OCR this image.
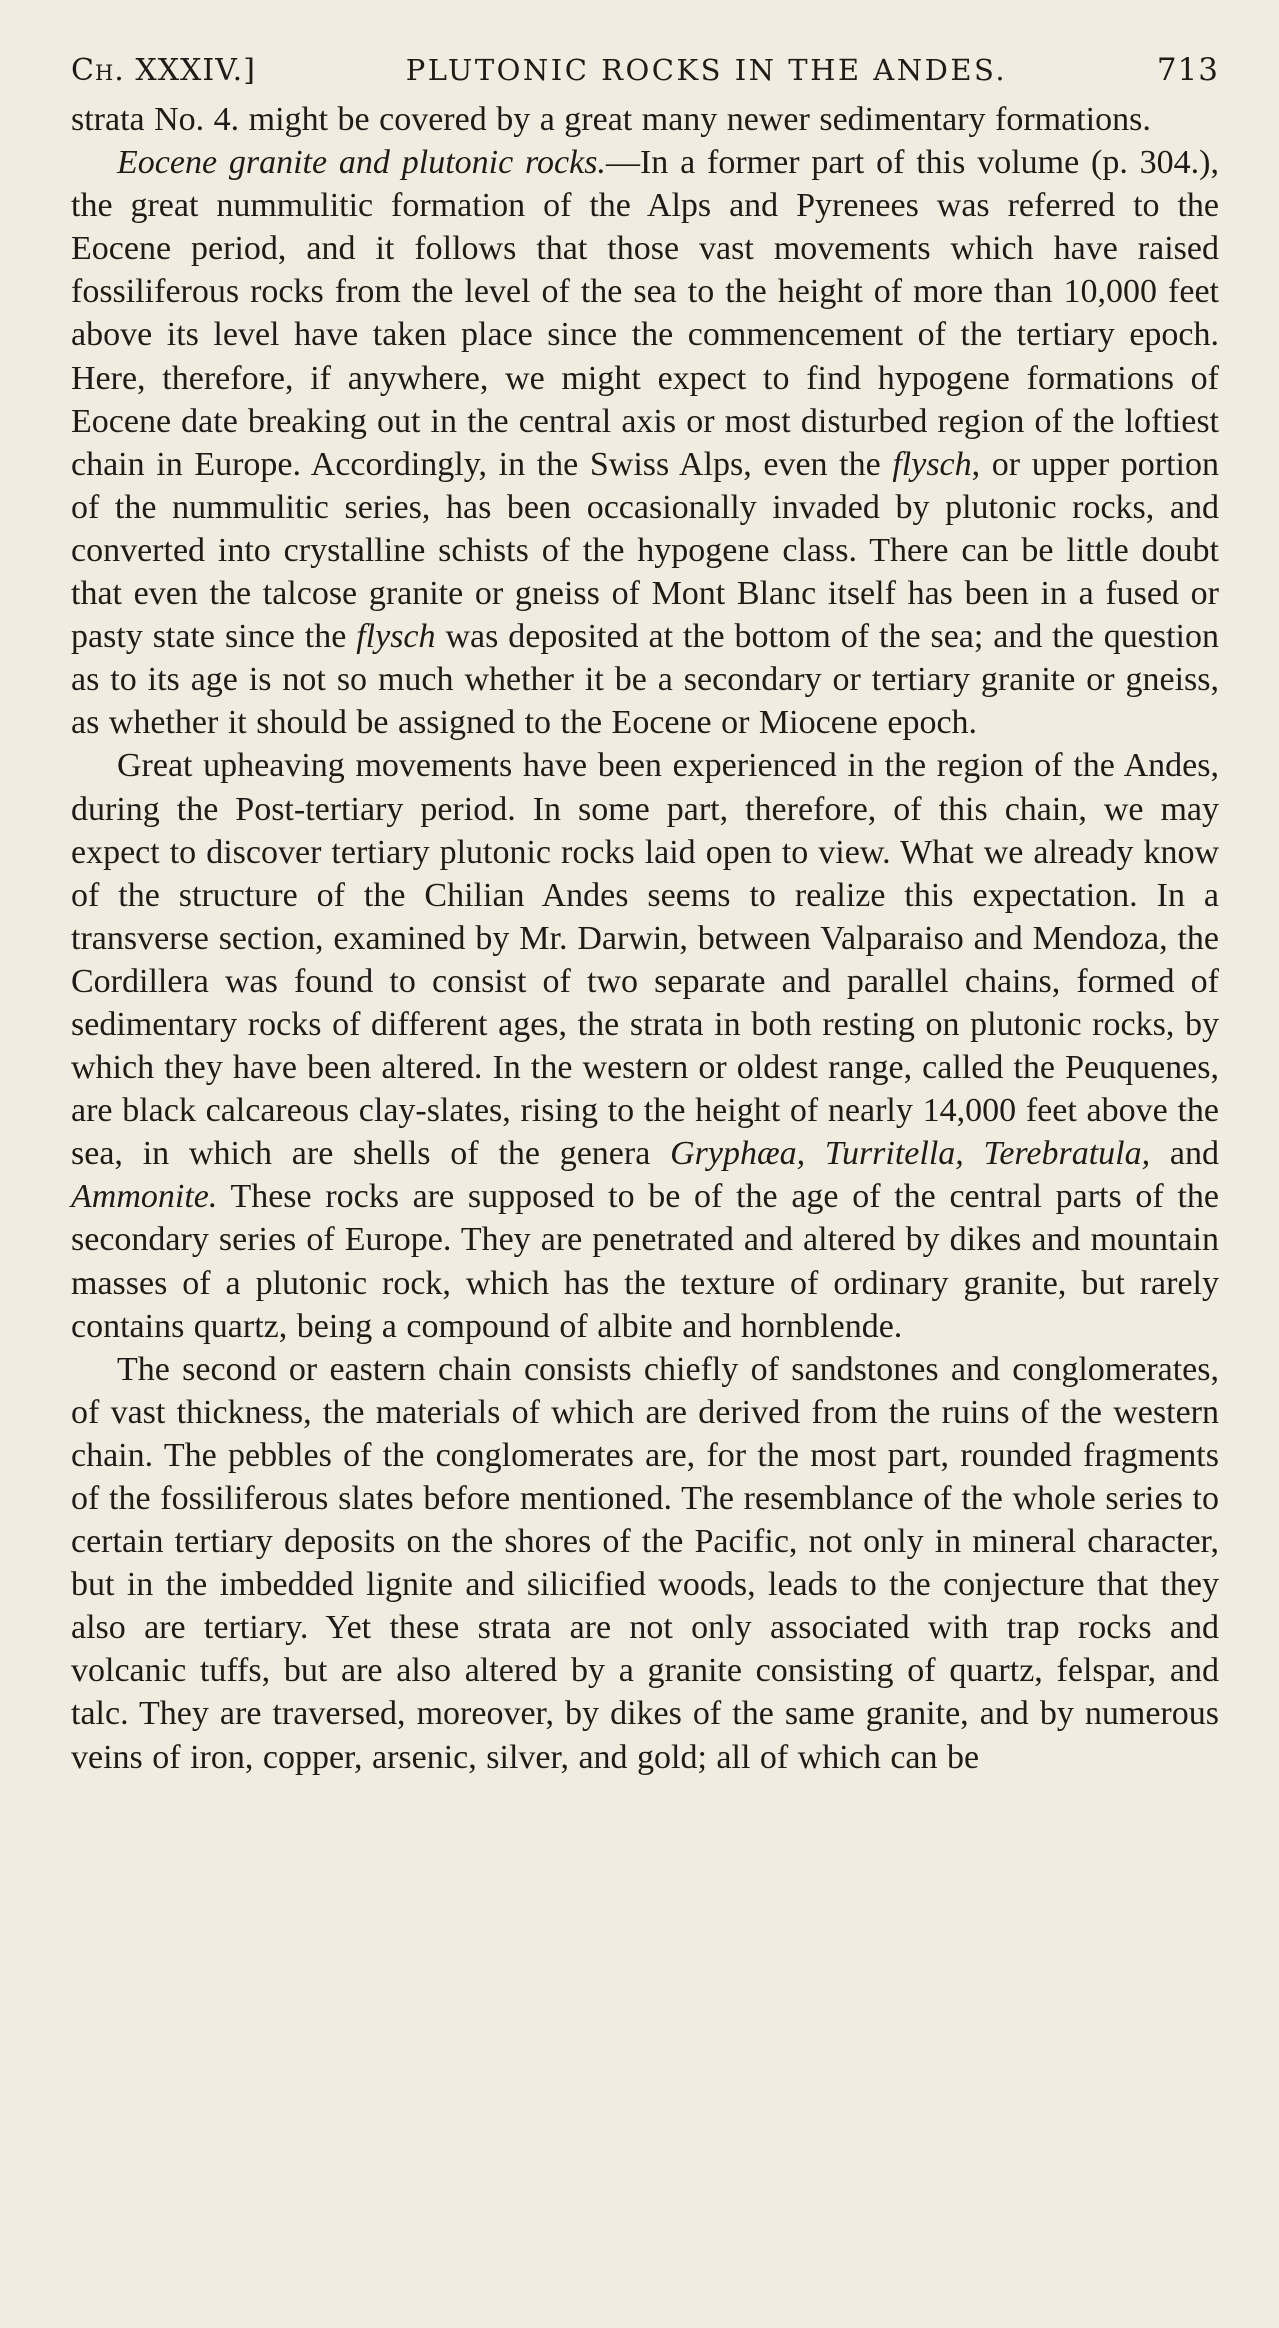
Ch. XXXIV.]	PLUTONIC ROCKS IN THE ANDES.	713

strata No. 4. might be covered by a great many newer sedimentary formations.

Eocene granite and plutonic rocks.—In a former part of this volume (p. 304.), the great nummulitic formation of the Alps and Pyrenees was referred to the Eocene period, and it follows that those vast movements which have raised fossiliferous rocks from the level of the sea to the height of more than 10,000 feet above its level have taken place since the commencement of the tertiary epoch. Here, therefore, if anywhere, we might expect to find hypogene formations of Eocene date breaking out in the central axis or most disturbed region of the loftiest chain in Europe. Accordingly, in the Swiss Alps, even the flysch, or upper portion of the nummulitic series, has been occasionally invaded by plutonic rocks, and converted into crystalline schists of the hypogene class. There can be little doubt that even the talcose granite or gneiss of Mont Blanc itself has been in a fused or pasty state since the flysch was deposited at the bottom of the sea; and the question as to its age is not so much whether it be a secondary or tertiary granite or gneiss, as whether it should be assigned to the Eocene or Miocene epoch.

Great upheaving movements have been experienced in the region of the Andes, during the Post-tertiary period. In some part, therefore, of this chain, we may expect to discover tertiary plutonic rocks laid open to view. What we already know of the structure of the Chilian Andes seems to realize this expectation. In a transverse section, examined by Mr. Darwin, between Valparaiso and Mendoza, the Cordillera was found to consist of two separate and parallel chains, formed of sedimentary rocks of different ages, the strata in both resting on plutonic rocks, by which they have been altered. In the western or oldest range, called the Peuquenes, are black calcareous clay-slates, rising to the height of nearly 14,000 feet above the sea, in which are shells of the genera Gryphæa, Turritella, Terebratula, and Ammonite. These rocks are supposed to be of the age of the central parts of the secondary series of Europe. They are penetrated and altered by dikes and mountain masses of a plutonic rock, which has the texture of ordinary granite, but rarely contains quartz, being a compound of albite and hornblende.

The second or eastern chain consists chiefly of sandstones and conglomerates, of vast thickness, the materials of which are derived from the ruins of the western chain. The pebbles of the conglomerates are, for the most part, rounded fragments of the fossiliferous slates before mentioned. The resemblance of the whole series to certain tertiary deposits on the shores of the Pacific, not only in mineral character, but in the imbedded lignite and silicified woods, leads to the conjecture that they also are tertiary. Yet these strata are not only associated with trap rocks and volcanic tuffs, but are also altered by a granite consisting of quartz, felspar, and talc. They are traversed, moreover, by dikes of the same granite, and by numerous veins of iron, copper, arsenic, silver, and gold; all of which can be
